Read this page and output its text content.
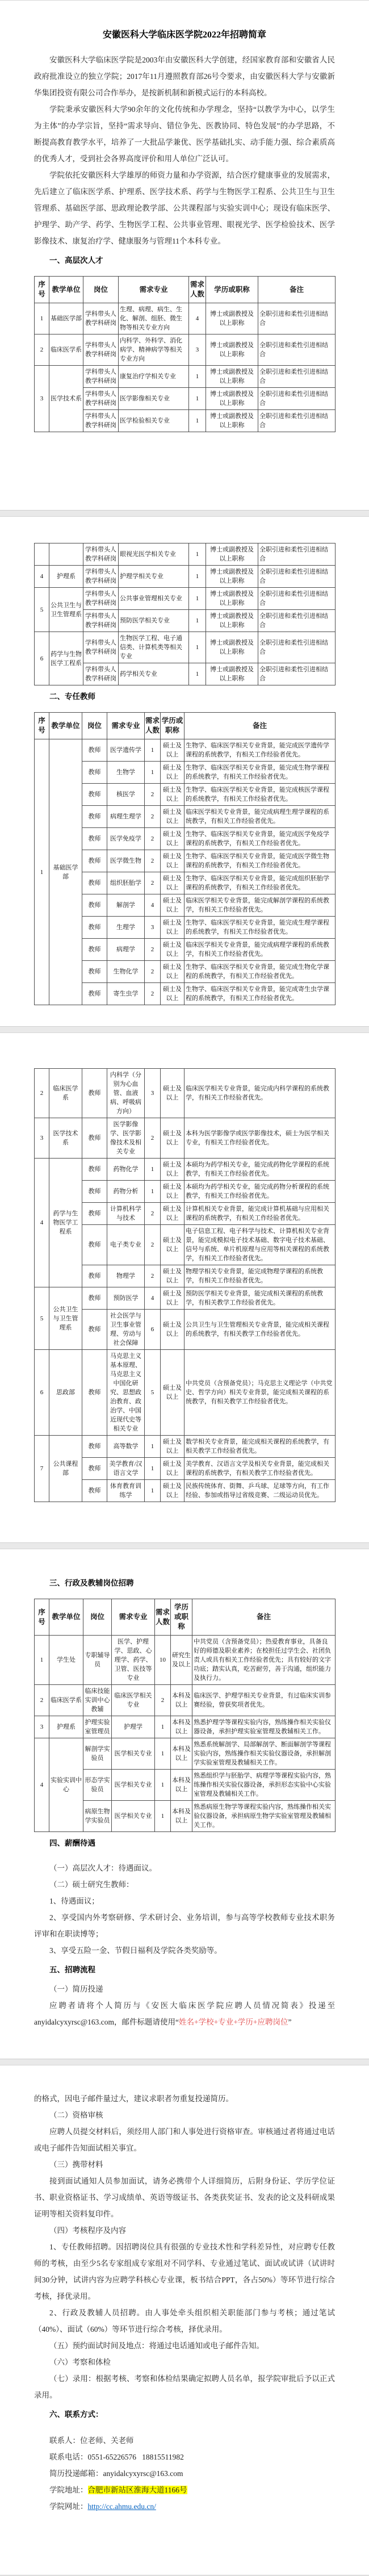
安徽医科大学临床医学院2022年招聘简章
安徽医科大学临床医学院是2003年由安徽医科大学创建，经国家教育部和安徽省人民政府批准设立的独立学院；2017年11月遵照教育部26号令要求，由安徽医科大学与安徽新华集团投资有限公司合作举办，是按新机制和新模式运行的本科高校。
学院秉承安徽医科大学90余年的文化传统和办学理念，坚持“以教学为中心，以学生为主体”的办学宗旨，坚持“需求导向、错位争先、医教协同、特色发展”的办学思路，不断提高教育教学水平，培养了一大批品学兼优、医学基础扎实、动手能力强、综合素质高的优秀人才，受到社会各界高度评价和用人单位广泛认可。
学院依托安徽医科大学雄厚的师资力量和办学资源，结合医疗健康事业的发展需求，先后建立了临床医学系、护理系、医学技术系、药学与生物医学工程系、公共卫生与卫生管理系、基础医学部、思政理论教学部、公共课程部与实验实训中心；现设有临床医学、护理学、助产学、药学、生物医学工程、公共事业管理、眼视光学、医学检验技术、医学影像技术、康复治疗学、健康服务与管理11个本科专业。
一、高层次人才
序号	教学单位	岗位	需求专业	需求人数	学历或职称	备注
1	基础医学部	学科带头人教学科研岗	生理、病理、病生、生化、解剖、组胚、微生物等相关专业方向	4	博士或副教授及以上职称	全职引进和柔性引进相结合
2	临床医学系	学科带头人教学科研岗	内科学、外科学、消化病学、精神病学等相关专业方向	3	博士或副教授及以上职称	全职引进和柔性引进相结合
3	医学技术系	学科带头人教学科研岗	康复治疗学相关专业	1	博士或副教授及以上职称	全职引进和柔性引进相结合
		学科带头人教学科研岗	医学影像相关专业	1	博士或副教授及以上职称	全职引进和柔性引进相结合
		学科带头人教学科研岗	医学检验相关专业	1	博士或副教授及以上职称	全职引进和柔性引进相结合
		学科带头人教学科研岗	眼视光医学相关专业	1	博士或副教授及以上职称	全职引进和柔性引进相结合
4	护理系	学科带头人教学科研岗	护理学相关专业	1	博士或副教授及以上职称	全职引进和柔性引进相结合
5	公共卫生与卫生管理系	学科带头人教学科研岗	公共事业管理相关专业	1	博士或副教授及以上职称	全职引进和柔性引进相结合
		学科带头人教学科研岗	预防医学相关专业	1	博士或副教授及以上职称	全职引进和柔性引进相结合
6	药学与生物医学工程系	学科带头人教学科研岗	生物医学工程、电子通信类、计算机类等相关专业	1	博士或副教授及以上职称	全职引进和柔性引进相结合
		学科带头人教学科研岗	药学相关专业	1	博士或副教授及以上职称	全职引进和柔性引进相结合
二、专任教师
序号	教学单位	岗位	需求专业	需求人数	学历或职称	备注
1	基础医学部	教师	医学遗传学	1	硕士及以上	生物学、临床医学相关专业背景，能完成医学遗传学课程的系统教学，有相关工作经验者优先。
		教师	生物学	1	硕士及以上	生物学、临床医学相关专业背景，能完成生物学课程的系统教学，有相关工作经验者优先。
		教师	核医学	2	硕士及以上	生物学、临床医学相关专业背景，能完成核医学课程的系统教学，有相关工作经验者优先。
		教师	病理生理学	2	硕士及以上	临床医学相关专业背景，能完成病理生理学课程的系统教学，有相关工作经验者优先。
		教师	医学免疫学	2	硕士及以上	生物学、临床医学相关专业背景，能完成医学免疫学课程的系统教学，有相关工作经验者优先。
		教师	医学微生物	2	硕士及以上	生物学、临床医学相关专业背景，能完成医学微生物课程的系统教学，有相关工作经验者优先。
		教师	组织胚胎学	2	硕士及以上	生物学、临床医学相关专业背景，能完成组织胚胎学课程的系统教学，有相关工作经验者优先。
		教师	解剖学	4	硕士及以上	临床医学相关专业背景，能完成解剖学课程的系统教学，有相关工作经验者优先。
		教师	生理学	3	硕士及以上	生物学、临床医学相关专业背景，能完成生理学课程的系统教学，有相关工作经验者优先。
		教师	病理学	2	硕士及以上	临床医学相关专业背景，能完成病理学课程的系统教学，有相关工作经验者优先。
		教师	生物化学	2	硕士及以上	生物学、临床医学相关专业背景，能完成生物化学课程的系统教学，有相关工作经验者优先。
		教师	寄生虫学	2	硕士及以上	生物学、临床医学相关专业背景，能完成寄生虫学课程的系统教学，有相关工作经验者优先。
2	临床医学系	教师	内科学（分别为心血管、血液病、呼吸病方向）	3	硕士及以上	临床医学相关专业背景，能完成内科学课程的系统教学，有相关工作经验者优先。
3	医学技术系	教师	医学影像学、医学影像技术及相关专业	2	硕士及以上	本科为医学影像学或医学影像技术，硕士为医学相关专业，有相关工作经验者优先。
4	药学与生物医学工程系	教师	药物化学	1	硕士及以上	本硕均为药学相关专业，能完成药物化学课程的系统教学，有相关工作经验者优先。
		教师	药物分析	1	硕士及以上	本硕均为药学相关专业，能完成药物分析课程的系统教学，有相关工作经验者优先。
		教师	计算机科学与技术	2	硕士及以上	计算机相关专业背景，能完成计算机基础与应用相关课程的系统教学，有相关工作经验者优先。
		教师	电子类专业	2	硕士及以上	电子信息工程、电子科学与技术、计算机相关专业背景，能完成模拟电子技术基础、数字电子技术基础、信号与系统、单片机原理与应用等相关课程的系统教学，有相关工作经验者优先。
		教师	物理学	2	硕士及以上	物理学相关专业背景，能完成物理学课程的系统教学，有相关工作经验者优先。
5	公共卫生与卫生管理系	教师	预防医学	4	硕士及以上	预防医学相关专业背景，能完成相关课程的系统教学，有相关教学工作经验者优先。
		教师	社会医学与卫生事业管理、劳动与社会保障	6	硕士及以上	公共卫生与卫生管理相关专业背景，能完成相关课程的系统教学，有相关教学工作经验者优先。
6	思政部	教师	马克思主义基本原理、马克思主义中国化研究、思想政治教育、政治学、中国近现代史等相关专业	5	硕士及以上	中共党员（含预备党员）；马克思主义理论学（中共党史、哲学方向）相关专业背景，能完成相关课程的系统教学，有相关教学工作经验者优先。
7	公共课程部	教师	高等数学	1	硕士及以上	数学相关专业背景，能完成相关课程的系统教学，有相关教学工作经验者优先。
		教师	美学教育/汉语言文学	1	硕士及以上	美学教育、汉语言文学及相关专业背景，能完成相关课程的系统教学，有相关教学工作经验者优先。
		教师	体育教育训练学	1	硕士及以上	民族传统体育、街舞、乒乓球、足球等方向，有工作经验、参加或指导过省级竞赛、二级运动员优先。
三、行政及教辅岗位招聘
序号	教学单位	岗位	需求专业	需求人数	学历或职称	备注
1	学生处	专职辅导员	医学、护理学、思政、心理学、药学、卫管、医技等专业	10	研究生及以上	中共党员（含预备党员）；热爱教育事业，具备良好的师德及职业素养；在校担任过学生会、社团负责人或具有相关工作经验者优先；具有较好的文字功底；踏实认真，吃苦耐劳，善于沟通，组织能力及执行力。
2	临床医学系	临床技能实训中心教辅	临床医学相关专业	2	本科及以上	临床医学、护理学相关专业背景，有过临床实训参赛经验，曾获奖项者优先。
3	护理系	护理实验室管理员	护理学	1	本科及以上	熟悉护理学等课程实验内容，熟练操作相关实验仪器设备，承担护理实验室管理及教辅相关工作。
4	实验实训中心	解剖学实验员	医学相关专业	1	本科及以上	熟悉系统解剖学、局部解剖学、断面解剖学等课程实验内容，熟练操作相关实验仪器设备，承担解剖学实验室管理及教辅相关工作。
		形态学实验员	医学相关专业	1	本科及以上	熟悉组织学与胚胎学、病理学等课程实验内容，熟练操作相关实验仪器设备，承担形态实验中心实验室管理及教辅相关工作。
		病原生物学实验员	医学相关专业	1	本科及以上	熟悉病原生物学等课程实验内容，熟练操作相关实验仪器设备，承担病原生物学实验室管理及教辅相关工作。
四、薪酬待遇
（一）高层次人才：待遇面议。
（二）硕士研究生教师：
1、待遇面议；
2、享受国内外考察研修、学术研讨会、业务培训，参与高等学校教师专业技术职务评审和在职读博等；
3、享受五险一金、节假日福利及学院各类奖励等。
五、招聘流程
（一）简历投递
应聘者请将个人简历与《安医大临床医学院应聘人员情况简表》投递至anyidalcyxyrsc@163.com，邮件标题请使用“姓名+学校+专业+学历+应聘岗位”
的格式，因电子邮件量过大，建议求职者勿重复投递简历。
（二）资格审核
应聘人员提交材料后，须经用人部门和人事处进行资格审查。审核通过者将通过电话或电子邮件告知面试相关事宜。
（三）携带材料
接到面试通知人员参加面试，请务必携带个人详细简历，后附身份证、学历学位证书、职业资格证书、学习成绩单、英语等级证书、各类获奖证书、发表的论文及科研成果证明等相关资料复印件。
（四）考核程序及内容
1、专任教师招聘。因招聘岗位具有很强的专业技术性和学科差异性，对应聘专任教师的考核，由至少5名专家组成专家组对不同学科、专业通过笔试、面试或试讲（试讲时间30分钟，试讲内容为应聘学科核心专业课，板书结合PPT，各占50%）等环节进行综合考核，择优录用。
2、行政及教辅人员招聘。由人事处牵头组织相关职能部门参与考核；通过笔试（40%）、面试（60%）等环节进行综合考核，择优录用。
（五）预约面试时间及地点：将通过电话通知或电子邮件告知。
（六）考察和体检
（七）录用：根据考核、考察和体检结果确定拟聘人员名单，报学院审批后予以正式录用。
六、联系方式：
联系人：位老师、关老师
联系电话：0551-65226576   18815511982
简历投递邮箱：anyidalcyxyrsc@163.com
学院地址：合肥市新站区淮海大道1166号
学院网址：http://cc.ahmu.edu.cn/
